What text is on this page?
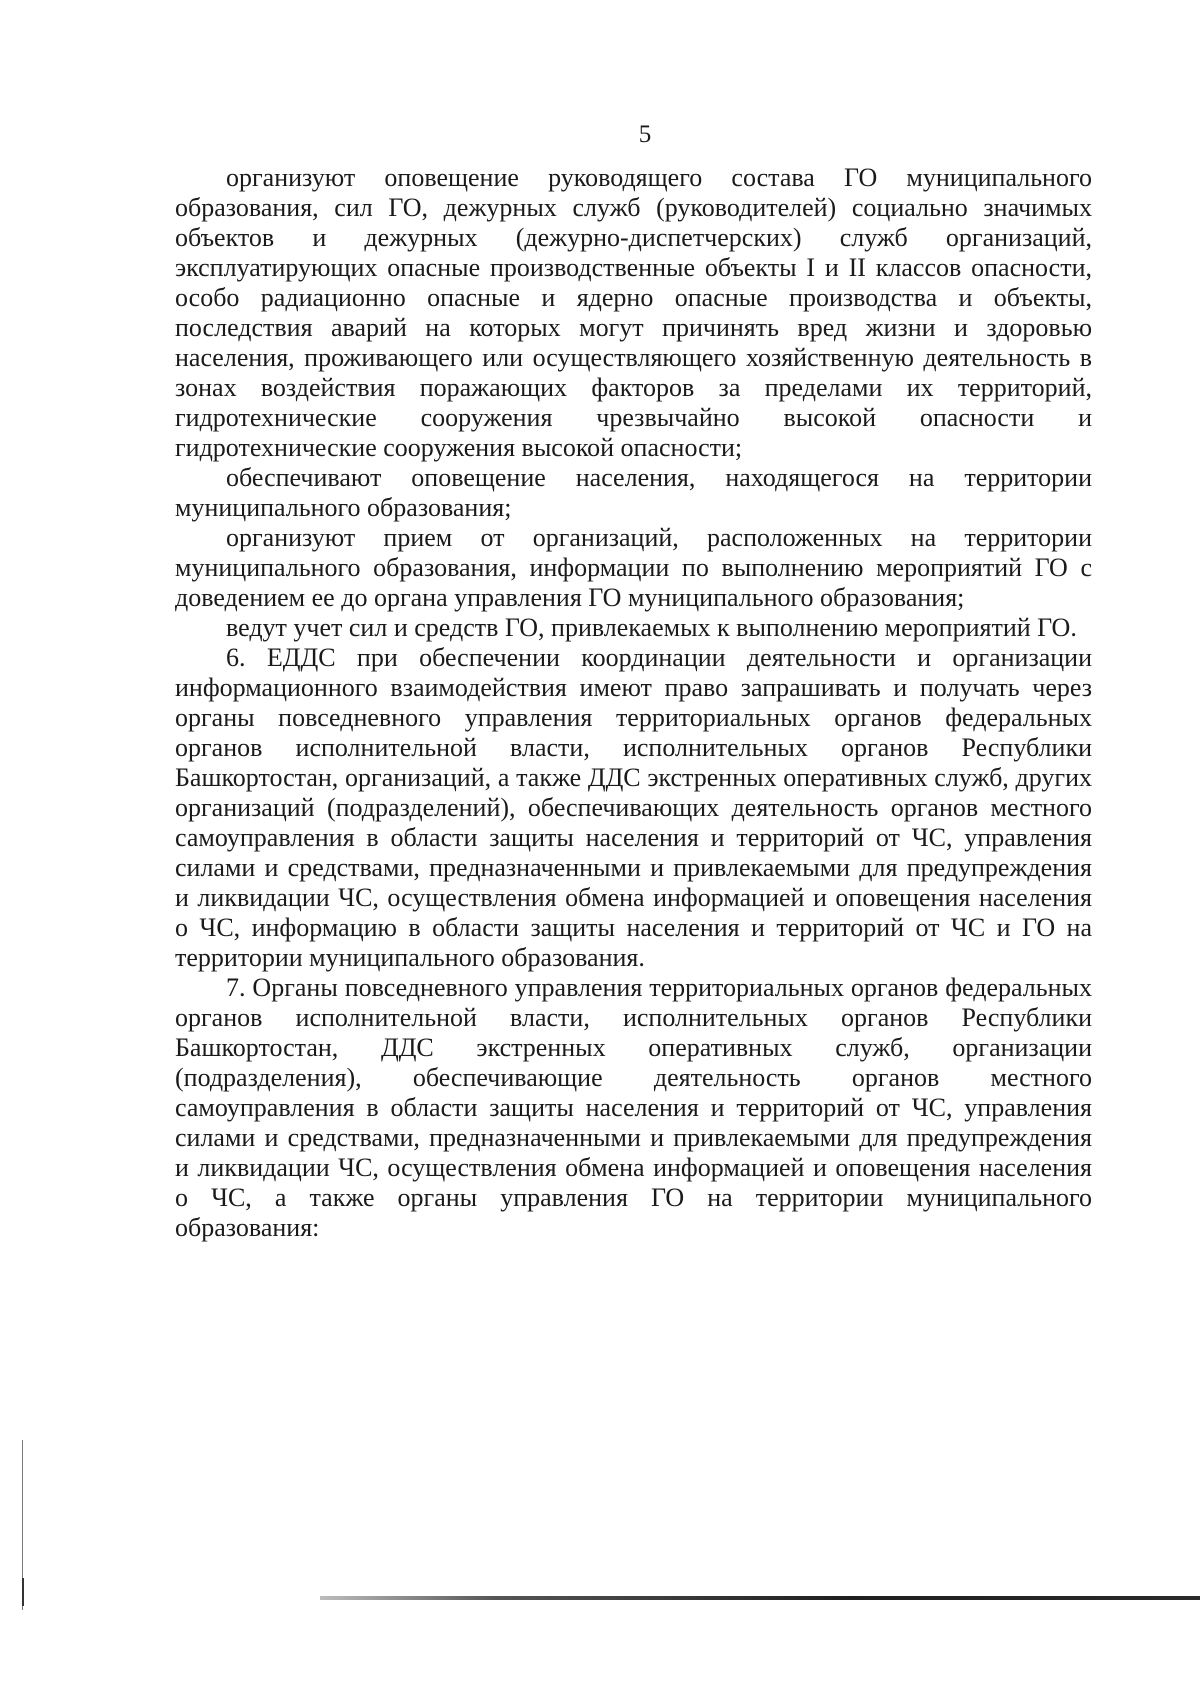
5

организуют оповещение руководящего состава ГО муниципального образования, сил ГО, дежурных служб (руководителей) социально значимых объектов и дежурных (дежурно-диспетчерских) служб организаций, эксплуатирующих опасные производственные объекты I и II классов опасности, особо радиационно опасные и ядерно опасные производства и объекты, последствия аварий на которых могут причинять вред жизни и здоровью населения, проживающего или осуществляющего хозяйственную деятельность в зонах воздействия поражающих факторов за пределами их территорий, гидротехнические сооружения чрезвычайно высокой опасности и гидротехнические сооружения высокой опасности;

обеспечивают оповещение населения, находящегося на территории муниципального образования;

организуют прием от организаций, расположенных на территории муниципального образования, информации по выполнению мероприятий ГО с доведением ее до органа управления ГО муниципального образования;

ведут учет сил и средств ГО, привлекаемых к выполнению мероприятий ГО.

6. ЕДДС при обеспечении координации деятельности и организации информационного взаимодействия имеют право запрашивать и получать через органы повседневного управления территориальных органов федеральных органов исполнительной власти, исполнительных органов Республики Башкортостан, организаций, а также ДДС экстренных оперативных служб, других организаций (подразделений), обеспечивающих деятельность органов местного самоуправления в области защиты населения и территорий от ЧС, управления силами и средствами, предназначенными и привлекаемыми для предупреждения и ликвидации ЧС, осуществления обмена информацией и оповещения населения о ЧС, информацию в области защиты населения и территорий от ЧС и ГО на территории муниципального образования.

7. Органы повседневного управления территориальных органов федеральных органов исполнительной власти, исполнительных органов Республики Башкортостан, ДДС экстренных оперативных служб, организации (подразделения), обеспечивающие деятельность органов местного самоуправления в области защиты населения и территорий от ЧС, управления силами и средствами, предназначенными и привлекаемыми для предупреждения и ликвидации ЧС, осуществления обмена информацией и оповещения населения о ЧС, а также органы управления ГО на территории муниципального образования:
